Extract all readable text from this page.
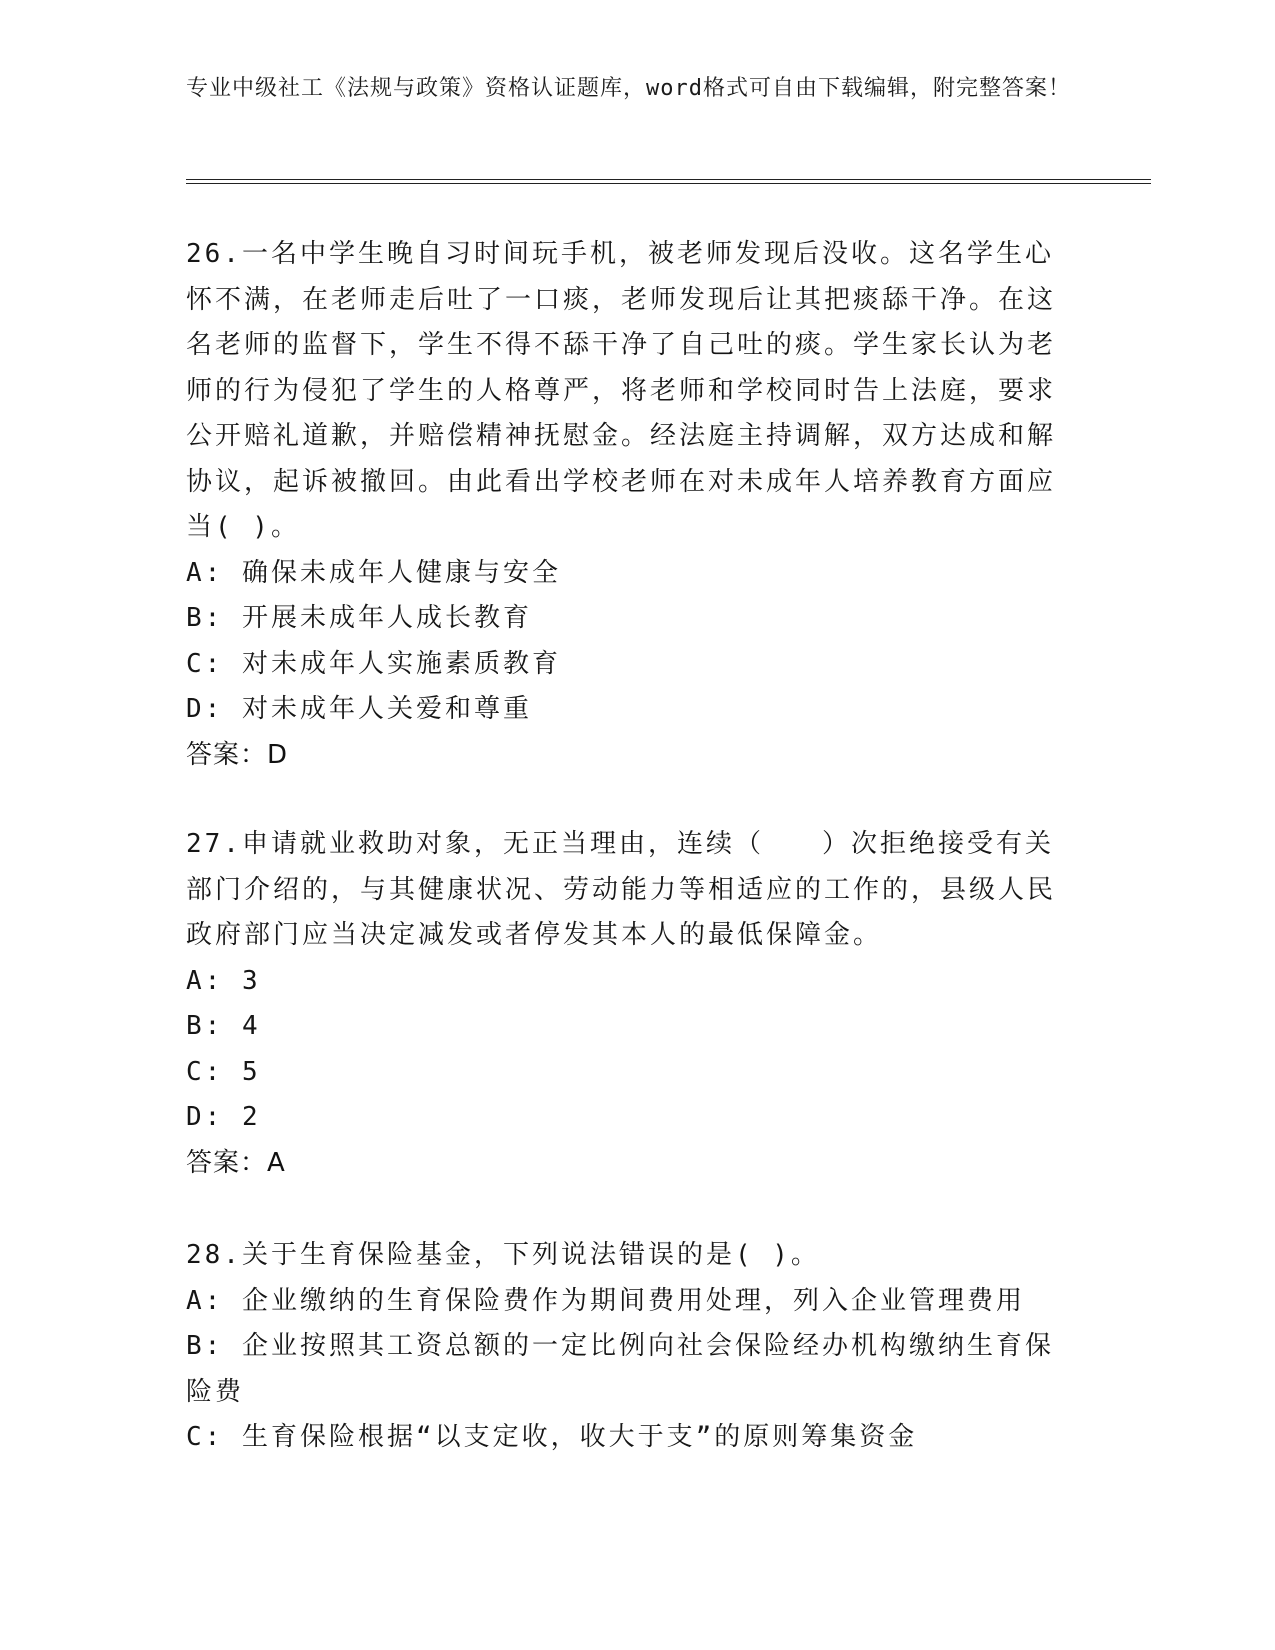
专业中级社工《法规与政策》资格认证题库，word格式可自由下载编辑，附完整答案！

26.一名中学生晚自习时间玩手机，被老师发现后没收。这名学生心怀不满，在老师走后吐了一口痰，老师发现后让其把痰舔干净。在这名老师的监督下，学生不得不舔干净了自己吐的痰。学生家长认为老师的行为侵犯了学生的人格尊严，将老师和学校同时告上法庭，要求公开赔礼道歉，并赔偿精神抚慰金。经法庭主持调解，双方达成和解协议，起诉被撤回。由此看出学校老师在对未成年人培养教育方面应当( )。

A: 确保未成年人健康与安全

B: 开展未成年人成长教育

C: 对未成年人实施素质教育

D: 对未成年人关爱和尊重

答案：D

27.申请就业救助对象，无正当理由，连续（　　）次拒绝接受有关部门介绍的，与其健康状况、劳动能力等相适应的工作的，县级人民政府部门应当决定减发或者停发其本人的最低保障金。

A: 3

B: 4

C: 5

D: 2

答案：A

28.关于生育保险基金，下列说法错误的是( )。

A: 企业缴纳的生育保险费作为期间费用处理，列入企业管理费用

B: 企业按照其工资总额的一定比例向社会保险经办机构缴纳生育保险费

C: 生育保险根据“以支定收，收大于支”的原则筹集资金
